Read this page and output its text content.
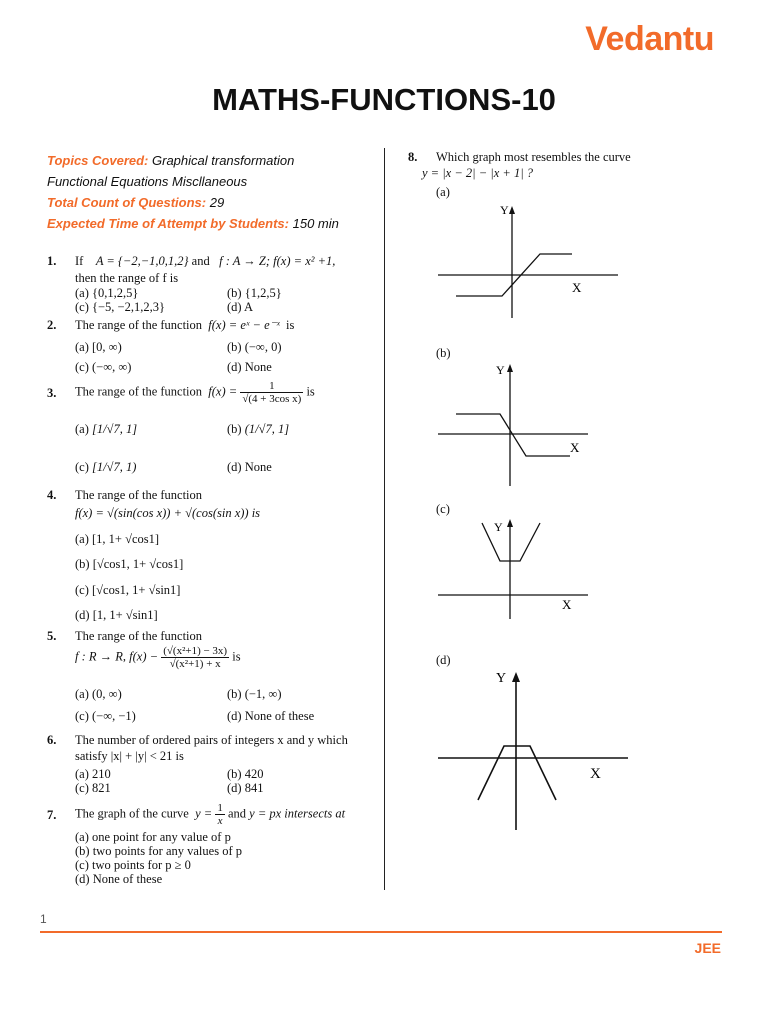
Vedantu
MATHS-FUNCTIONS-10
Topics Covered: Graphical transformation
Functional Equations Miscllaneous
Total Count of Questions: 29
Expected Time of Attempt by Students: 150 min
1. If A = {−2,−1,0,1,2} and f : A → Z; f(x) = x² +1,
then the range of f is
(a) {0,1,2,5}	(b) {1,2,5}
(c) {−5, −2,1,2,3}	(d) A
2. The range of the function f(x) = eˣ − e⁻ˣ is
(a) [0, ∞)	(b) (−∞, 0)
(c) (−∞, ∞)	(d) None
3. The range of the function $f(x) = \frac{1}{\text{√(4 + 3cos x)}}$ is
(a) [1/√7, 1]	(b) (1/√7, 1]
(c) [1/√7, 1)	(d) None
4. The range of the function
f(x) = √(sin(cos x)) + √(cos(sin x)) is
(a) [1, 1+ √cos1]
(b) [√cos1, 1+ √cos1]
(c) [√cos1, 1+ √sin1]
(d) [1, 1+ √sin1]
5. The range of the function
f : R → R, $f(x) - \frac{\text{(√(x²+1) − 3x)}}{\text{√(x²+1) + x}}$ is
(a) (0, ∞)	(b) (−1, ∞)
(c) (−∞, −1)	(d) None of these
6. The number of ordered pairs of integers x and y which
satisfy |x| + |y| < 21 is
(a) 210	(b) 420
(c) 821	(d) 841
7. The graph of the curve $y = \frac{1}{x}$ and y = px intersects at
(a) one point for any value of p
(b) two points for any values of p
(c) two points for p ≥ 0
(d) None of these
8. Which graph most resembles the curve
y = |x − 2| − |x + 1| ?
(a)
Y
X
(b)
Y
X
(c)
Y
X
(d)
Y
X
1
JEE
